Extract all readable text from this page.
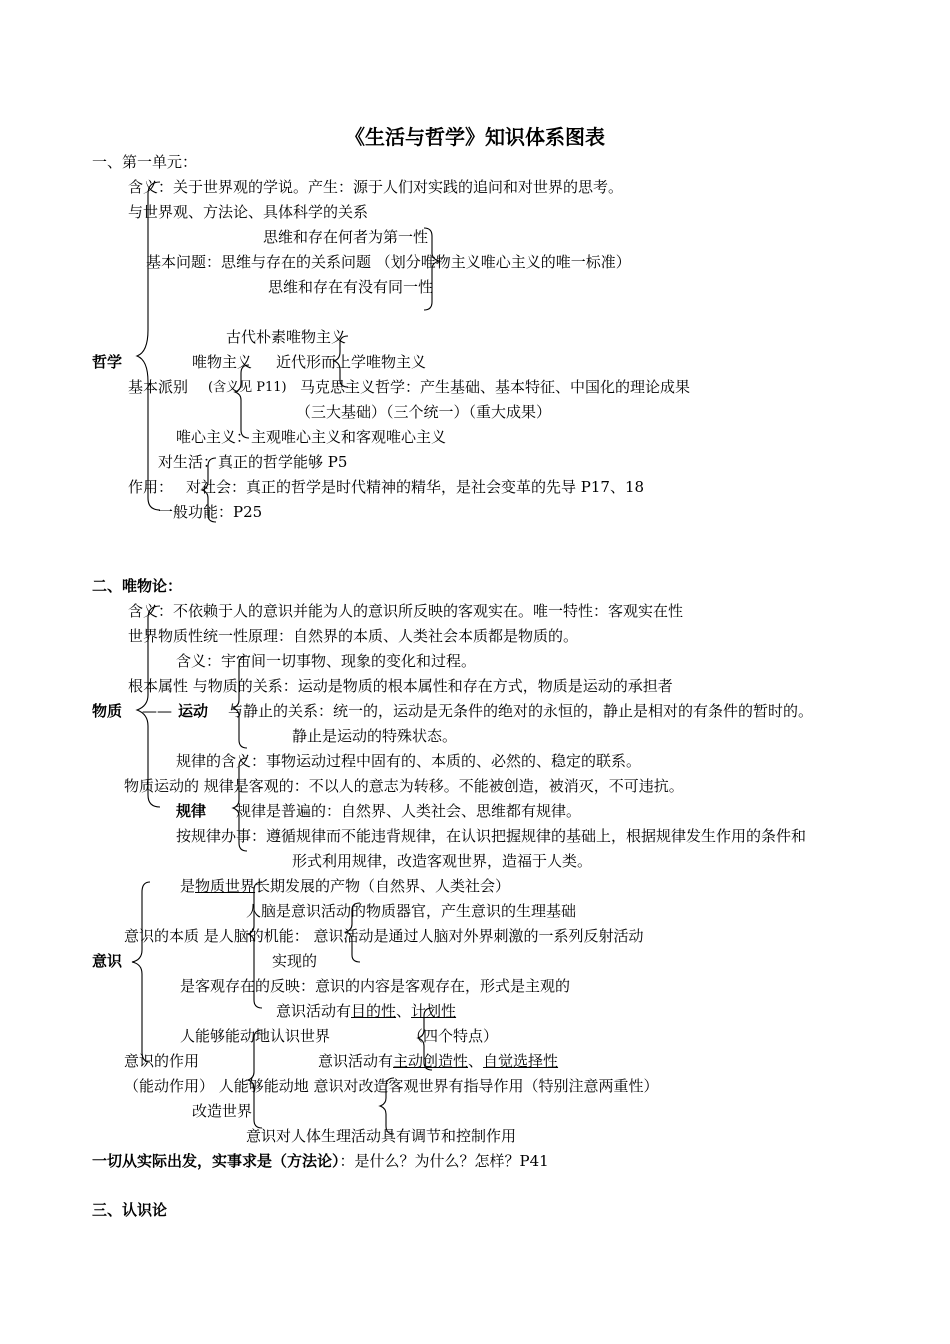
《生活与哲学》知识体系图表
一、第一单元：
含义：关于世界观的学说。产生：源于人们对实践的追问和对世界的思考。
与世界观、方法论、具体科学的关系
思维和存在何者为第一性
基本问题：思维与存在的关系问题 （划分唯物主义唯心主义的唯一标准）
思维和存在有没有同一性
古代朴素唯物主义
哲学	唯物主义 近代形而上学唯物主义
基本派别 (含义见 P11) 马克思主义哲学：产生基础、基本特征、中国化的理论成果
（三大基础）（三个统一）（重大成果）
唯心主义：主观唯心主义和客观唯心主义
对生活：真正的哲学能够 P5
作用： 对社会：真正的哲学是时代精神的精华，是社会变革的先导 P17、18
一般功能：P25
二、唯物论：
含义：不依赖于人的意识并能为人的意识所反映的客观实在。唯一特性：客观实在性
世界物质性统一性原理：自然界的本质、人类社会本质都是物质的。
含义：宇宙间一切事物、现象的变化和过程。
根本属性 与物质的关系：运动是物质的根本属性和存在方式，物质是运动的承担者
物质 —— 运动 与静止的关系：统一的，运动是无条件的绝对的永恒的，静止是相对的有条件的暂时的。
静止是运动的特殊状态。
规律的含义：事物运动过程中固有的、本质的、必然的、稳定的联系。
物质运动的 规律是客观的：不以人的意志为转移。不能被创造，被消灭，不可违抗。
规律 规律是普遍的：自然界、人类社会、思维都有规律。
按规律办事：遵循规律而不能违背规律，在认识把握规律的基础上，根据规律发生作用的条件和
形式利用规律，改造客观世界，造福于人类。
是物质世界长期发展的产物（自然界、人类社会）
人脑是意识活动的物质器官，产生意识的生理基础
意识的本质 是人脑的机能： 意识活动是通过人脑对外界刺激的一系列反射活动
意识	实现的
是客观存在的反映：意识的内容是客观存在，形式是主观的
意识活动有目的性、计划性
人能够能动地认识世界	（四个特点）
意识的作用	意识活动有主动创造性、自觉选择性
（能动作用） 人能够能动地 意识对改造客观世界有指导作用（特别注意两重性）
改造世界
意识对人体生理活动具有调节和控制作用
一切从实际出发，实事求是（方法论）：是什么？为什么？怎样？P41
三、认识论
